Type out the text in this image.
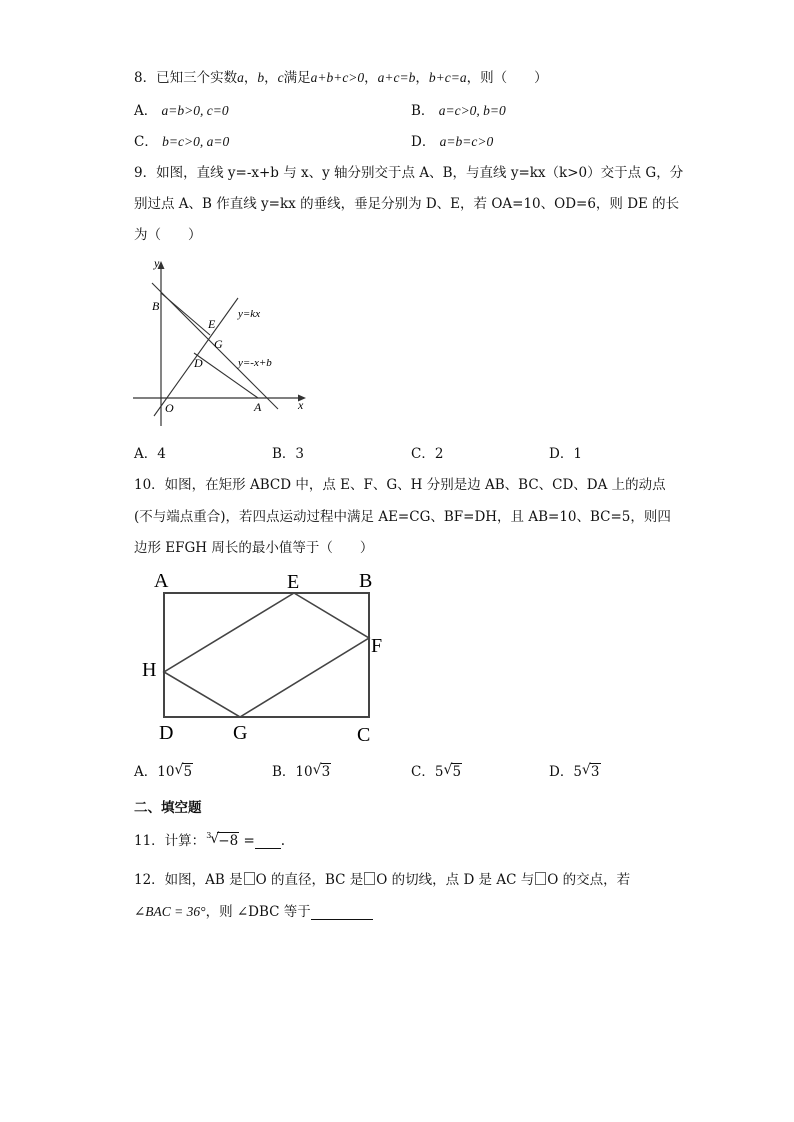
8．已知三个实数a，b，c满足a+b+c>0，a+c=b，b+c=a，则（　　）
A． a=b>0, c=0	B． a=c>0, b=0
C． b=c>0, a=0	D． a=b=c>0
9．如图，直线 y=-x+b 与 x、y 轴分别交于点 A、B，与直线 y=kx（k>0）交于点 G，分
别过点 A、B 作直线 y=kx 的垂线，垂足分别为 D、E，若 OA=10、OD=6，则 DE 的长
为（　　）
y
x
B
E
G
D
O	A
y=kx
y=-x+b
A．4	B．3	C．2	D．1
10．如图，在矩形 ABCD 中，点 E、F、G、H 分别是边 AB、BC、CD、DA 上的动点
(不与端点重合)，若四点运动过程中满足 AE=CG、BF=DH，且 AB=10、BC=5，则四
边形 EFGH 周长的最小值等于（　　）
A	B
C
D
E
F
G
H
A．10 √ 5	B．10 √ 3	C．5 √ 5	D．5 √ 3
二、填空题
11．计算：$^3$ √ −8 = .
12．如图，AB 是 O 的直径，BC 是 O 的切线，点 D 是 AC 与 O 的交点，若
∠BAC = 36°，则 ∠DBC 等于
